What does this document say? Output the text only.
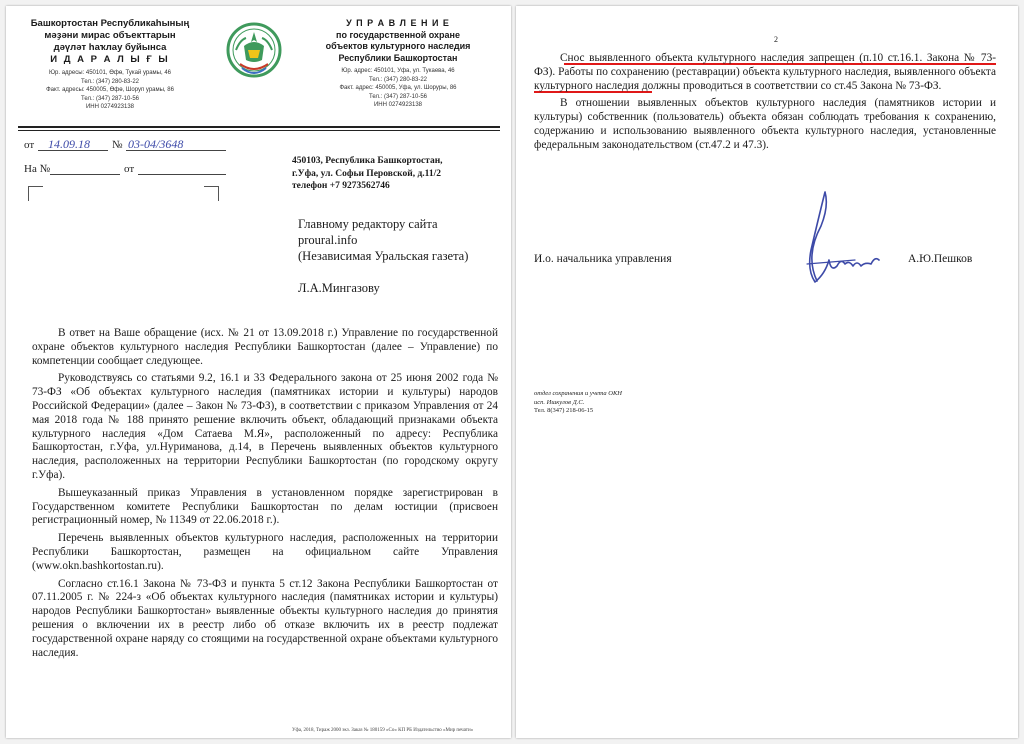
Башкортостан Республикаһының
мәҙәни мирас объекттарын
дәүләт һаҡлау буйынса
И Д А Р А Л Ы Ғ Ы
Юр. адресы: 450101, Өфө, Тукай урамы, 46
Тел.: (347) 280-83-22
Факт. адресы: 450005, Өфө, Шоруп урамы, 86
Тел.: (347) 287-10-56
ИНН 0274923138
У П Р А В Л Е Н И Е
по государственной охране
объектов культурного наследия
Республики Башкортостан
Юр. адрес: 450101, Уфа, ул. Тукаева, 46
Тел.: (347) 280-83-22
Факт. адрес: 450005, Уфа, ул. Шоруры, 86
Тел.: (347) 287-10-56
ИНН 0274923138
от 14.09.18 № 03-04/3648
На №	от
450103, Республика Башкортостан,
г.Уфа, ул. Софьи Перовской, д.11/2
телефон +7 9273562746
Главному редактору сайта
proural.info
(Независимая Уральская газета)
Л.А.Мингазову

В ответ на Ваше обращение (исх. № 21 от 13.09.2018 г.) Управление по государственной охране объектов культурного наследия Республики Башкортостан (далее – Управление) по компетенции сообщает следующее.

Руководствуясь со статьями 9.2, 16.1 и 33 Федерального закона от 25 июня 2002 года № 73-ФЗ «Об объектах культурного наследия (памятниках истории и культуры) народов Российской Федерации» (далее – Закон № 73-ФЗ), в соответствии с приказом Управления от 24 мая 2018 года № 188 принято решение включить объект, обладающий признаками объекта культурного наследия «Дом Сатаева М.Я», расположенный по адресу: Республика Башкортостан, г.Уфа, ул.Нуриманова, д.14, в Перечень выявленных объектов культурного наследия, расположенных на территории Республики Башкортостан (по городскому округу г.Уфа).

Вышеуказанный приказ Управления в установленном порядке зарегистрирован в Государственном комитете Республики Башкортостан по делам юстиции (присвоен регистрационный номер, № 11349 от 22.06.2018 г.).

Перечень выявленных объектов культурного наследия, расположенных на территории Республики Башкортостан, размещен на официальном сайте Управления (www.okn.bashkortostan.ru).

Согласно ст.16.1 Закона № 73-ФЗ и пункта 5 ст.12 Закона Республики Башкортостан от 07.11.2005 г. № 224-з «Об объектах культурного наследия (памятниках истории и культуры) народов Республики Башкортостан» выявленные объекты культурного наследия до принятия решения о включении их в реестр либо об отказе включить их в реестр подлежат государственной охране наряду со стоящими на государственной охране объектами культурного наследия.

Уфа, 2018, Тираж 2000 экз. Заказ № 180159 «Со» КП РБ Издательство «Мир печати»
2

Снос выявленного объекта культурного наследия запрещен (п.10 ст.16.1. Закона № 73-ФЗ). Работы по сохранению (реставрации) объекта культурного наследия, выявленного объекта культурного наследия должны проводиться в соответствии со ст.45 Закона № 73-ФЗ.

В отношении выявленных объектов культурного наследия (памятников истории и культуры) собственник (пользователь) объекта обязан соблюдать требования к сохранению, содержанию и использованию выявленного объекта культурного наследия, установленные федеральным законодательством (ст.47.2 и 47.3).

И.о. начальника управления	А.Ю.Пешков
отдел сохранения и учета ОКН
исп. Ишкулов Д.С.
Тел. 8(347) 218-06-15
